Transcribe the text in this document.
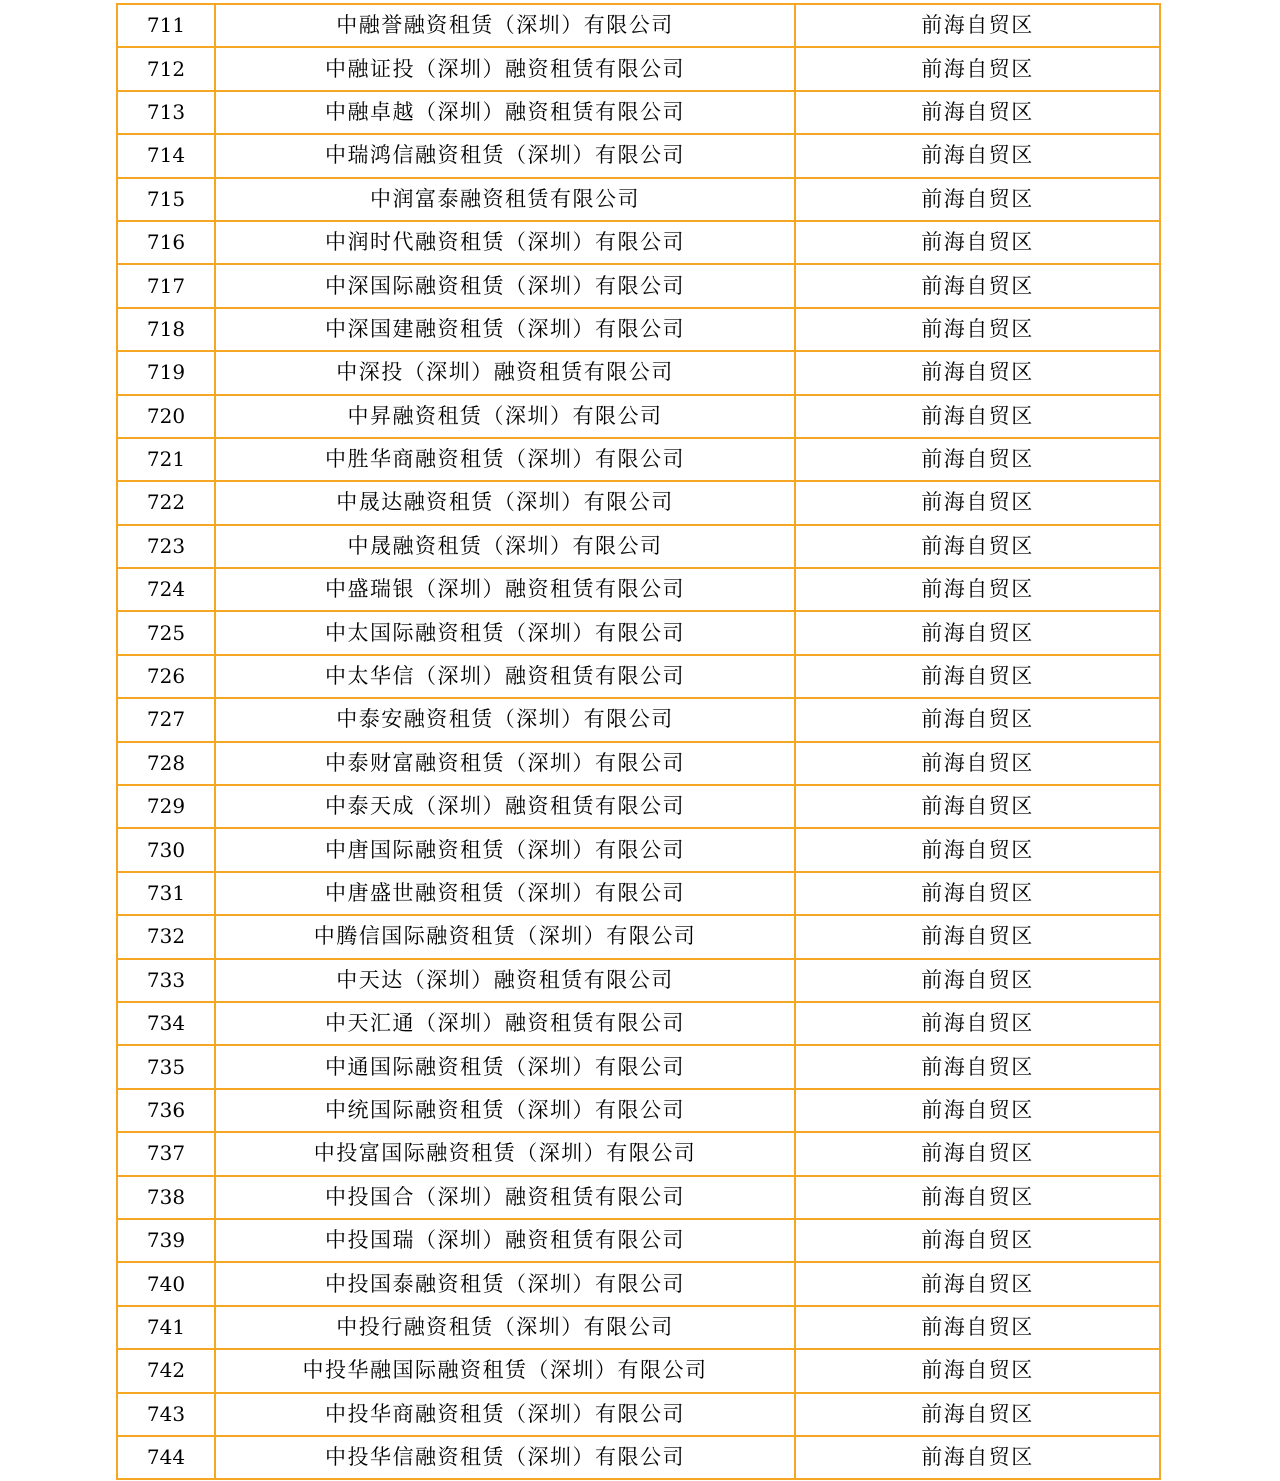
711	中融誉融资租赁（深圳）有限公司	前海自贸区
712	中融证投（深圳）融资租赁有限公司	前海自贸区
713	中融卓越（深圳）融资租赁有限公司	前海自贸区
714	中瑞鸿信融资租赁（深圳）有限公司	前海自贸区
715	中润富泰融资租赁有限公司	前海自贸区
716	中润时代融资租赁（深圳）有限公司	前海自贸区
717	中深国际融资租赁（深圳）有限公司	前海自贸区
718	中深国建融资租赁（深圳）有限公司	前海自贸区
719	中深投（深圳）融资租赁有限公司	前海自贸区
720	中昇融资租赁（深圳）有限公司	前海自贸区
721	中胜华商融资租赁（深圳）有限公司	前海自贸区
722	中晟达融资租赁（深圳）有限公司	前海自贸区
723	中晟融资租赁（深圳）有限公司	前海自贸区
724	中盛瑞银（深圳）融资租赁有限公司	前海自贸区
725	中太国际融资租赁（深圳）有限公司	前海自贸区
726	中太华信（深圳）融资租赁有限公司	前海自贸区
727	中泰安融资租赁（深圳）有限公司	前海自贸区
728	中泰财富融资租赁（深圳）有限公司	前海自贸区
729	中泰天成（深圳）融资租赁有限公司	前海自贸区
730	中唐国际融资租赁（深圳）有限公司	前海自贸区
731	中唐盛世融资租赁（深圳）有限公司	前海自贸区
732	中腾信国际融资租赁（深圳）有限公司	前海自贸区
733	中天达（深圳）融资租赁有限公司	前海自贸区
734	中天汇通（深圳）融资租赁有限公司	前海自贸区
735	中通国际融资租赁（深圳）有限公司	前海自贸区
736	中统国际融资租赁（深圳）有限公司	前海自贸区
737	中投富国际融资租赁（深圳）有限公司	前海自贸区
738	中投国合（深圳）融资租赁有限公司	前海自贸区
739	中投国瑞（深圳）融资租赁有限公司	前海自贸区
740	中投国泰融资租赁（深圳）有限公司	前海自贸区
741	中投行融资租赁（深圳）有限公司	前海自贸区
742	中投华融国际融资租赁（深圳）有限公司	前海自贸区
743	中投华商融资租赁（深圳）有限公司	前海自贸区
744	中投华信融资租赁（深圳）有限公司	前海自贸区
